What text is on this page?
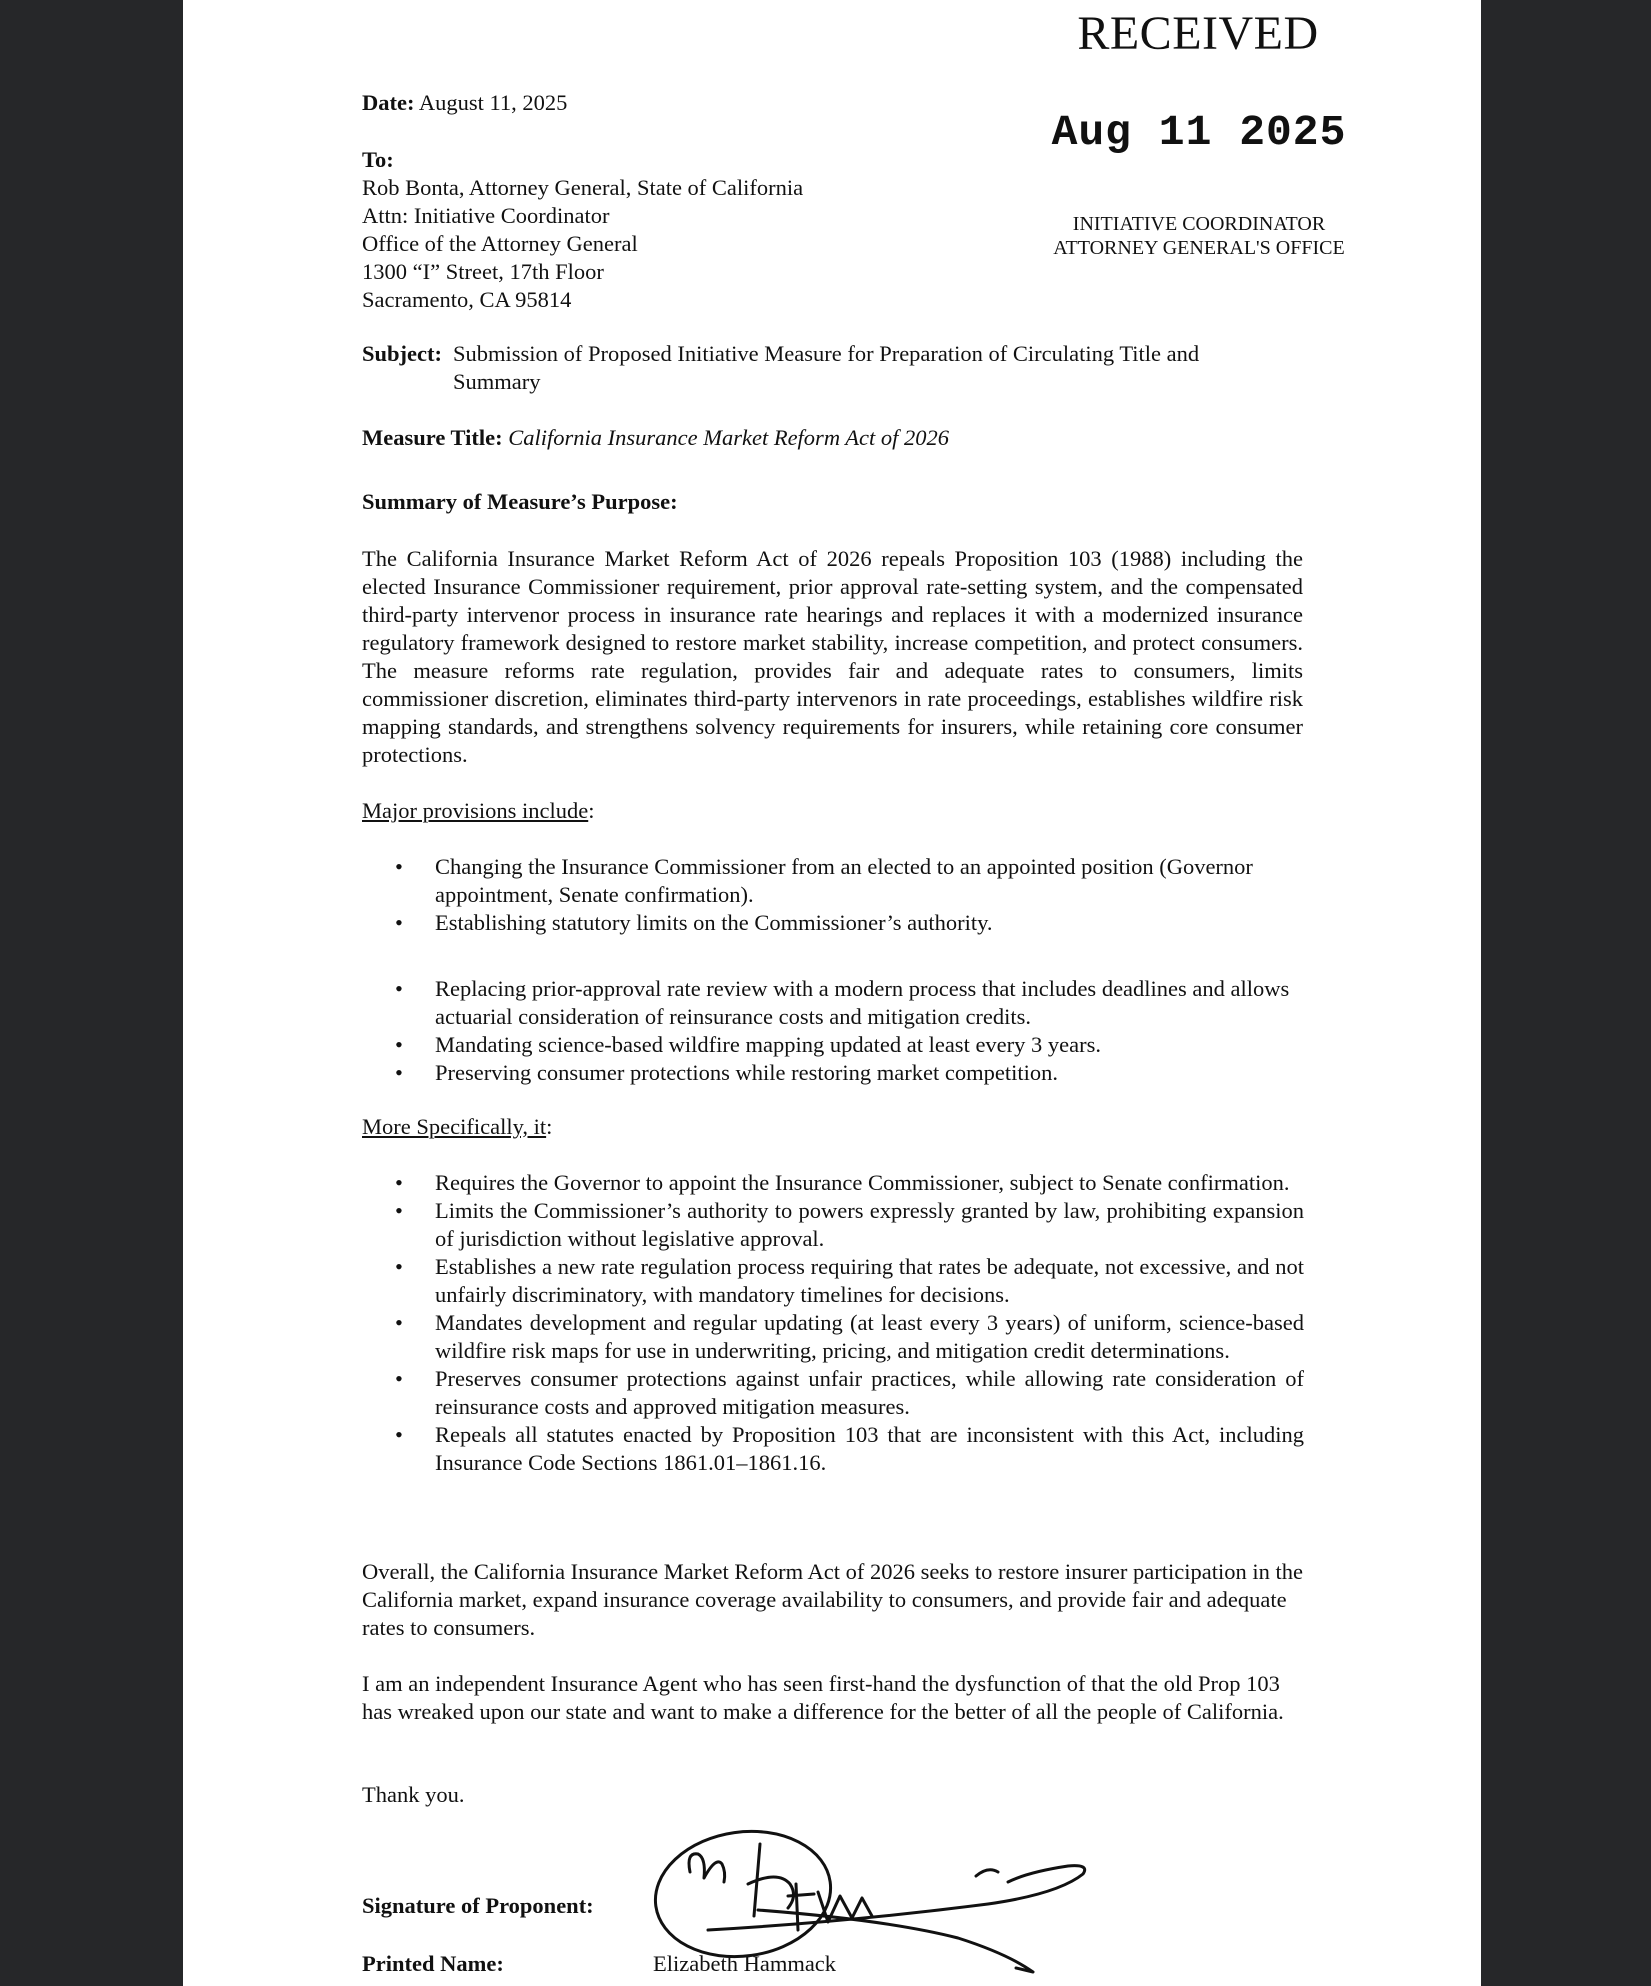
RECEIVED
Aug 11 2025
INITIATIVE COORDINATOR
ATTORNEY GENERAL'S OFFICE
Date: August 11, 2025
To:
Rob Bonta, Attorney General, State of California
Attn: Initiative Coordinator
Office of the Attorney General
1300 “I” Street, 17th Floor
Sacramento, CA 95814
Subject: Submission of Proposed Initiative Measure for Preparation of Circulating Title and Summary
Measure Title: California Insurance Market Reform Act of 2026
Summary of Measure’s Purpose:

The California Insurance Market Reform Act of 2026 repeals Proposition 103 (1988) including the elected Insurance Commissioner requirement, prior approval rate-setting system, and the compensated third-party intervenor process in insurance rate hearings and replaces it with a modernized insurance regulatory framework designed to restore market stability, increase competition, and protect consumers. The measure reforms rate regulation, provides fair and adequate rates to consumers, limits commissioner discretion, eliminates third-party intervenors in rate proceedings, establishes wildfire risk mapping standards, and strengthens solvency requirements for insurers, while retaining core consumer protections.

Major provisions include:
• Changing the Insurance Commissioner from an elected to an appointed position (Governor appointment, Senate confirmation).
• Establishing statutory limits on the Commissioner’s authority.
• Replacing prior-approval rate review with a modern process that includes deadlines and allows actuarial consideration of reinsurance costs and mitigation credits.
• Mandating science-based wildfire mapping updated at least every 3 years.
• Preserving consumer protections while restoring market competition.
More Specifically, it:
• Requires the Governor to appoint the Insurance Commissioner, subject to Senate confirmation.
• Limits the Commissioner’s authority to powers expressly granted by law, prohibiting expansion of jurisdiction without legislative approval.
• Establishes a new rate regulation process requiring that rates be adequate, not excessive, and not unfairly discriminatory, with mandatory timelines for decisions.
• Mandates development and regular updating (at least every 3 years) of uniform, science-based wildfire risk maps for use in underwriting, pricing, and mitigation credit determinations.
• Preserves consumer protections against unfair practices, while allowing rate consideration of reinsurance costs and approved mitigation measures.
• Repeals all statutes enacted by Proposition 103 that are inconsistent with this Act, including Insurance Code Sections 1861.01–1861.16.

Overall, the California Insurance Market Reform Act of 2026 seeks to restore insurer participation in the California market, expand insurance coverage availability to consumers, and provide fair and adequate rates to consumers.

I am an independent Insurance Agent who has seen first-hand the dysfunction of that the old Prop 103 has wreaked upon our state and want to make a difference for the better of all the people of California.

Thank you.
Signature of Proponent:
Printed Name:	Elizabeth Hammack
